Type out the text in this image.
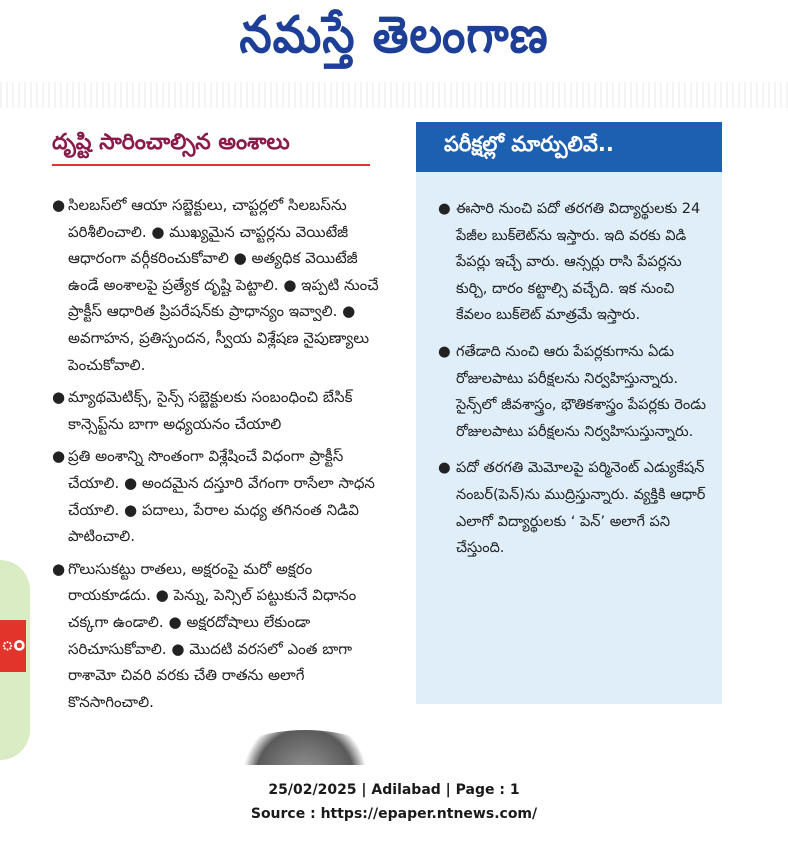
నమస్తే తెలంగాణ
ం
దృష్టి సారించాల్సిన అంశాలు

● సిలబస్‌లో ఆయా సబ్జెక్టులు, చాప్టర్లలో సిలబస్‌ను పరిశీలించాలి. ● ముఖ్యమైన చాప్టర్లను వెయిటేజీ ఆధారంగా వర్గీకరించుకోవాలి ● అత్యధిక వెయిటేజీ ఉండే అంశాలపై ప్రత్యేక దృష్టి పెట్టాలి. ● ఇప్పటి నుంచే ప్రాక్టీస్ ఆధారిత ప్రిపరేషన్‌కు ప్రాధాన్యం ఇవ్వాలి. ● అవగాహన, ప్రతిస్పందన, స్వీయ విశ్లేషణ నైపుణ్యాలు పెంచుకోవాలి.

● మ్యాథమెటిక్స్, సైన్స్ సబ్జెక్టులకు సంబంధించి బేసిక్ కాన్సెప్ట్‌ను బాగా అధ్యయనం చేయాలి

● ప్రతి అంశాన్ని సొంతంగా విశ్లేషించే విధంగా ప్రాక్టీస్ చేయాలి. ● అందమైన దస్తూరి వేగంగా రాసేలా సాధన చేయాలి. ● పదాలు, పేరాల మధ్య తగినంత నిడివి పాటించాలి.

● గొలుసుకట్టు రాతలు, అక్షరంపై మరో అక్షరం రాయకూడదు. ● పెన్ను, పెన్సిల్ పట్టుకునే విధానం చక్కగా ఉండాలి. ● అక్షరదోషాలు లేకుండా సరిచూసుకోవాలి. ● మొదటి వరసలో ఎంత బాగా రాశామో చివరి వరకు చేతి రాతను అలాగే కొనసాగించాలి.

పరీక్షల్లో మార్పులివే..

● ఈసారి నుంచి పదో తరగతి విద్యార్థులకు 24 పేజీల బుక్‌లెట్‌ను ఇస్తారు. ఇది వరకు విడి పేపర్లు ఇచ్చే వారు. ఆన్సర్లు రాసి పేపర్లను కుర్చి, దారం కట్టాల్సి వచ్చేది. ఇక నుంచి కేవలం బుక్‌లెట్ మాత్రమే ఇస్తారు.

● గతేడాది నుంచి ఆరు పేపర్లకుగాను ఏడు రోజులపాటు పరీక్షలను నిర్వహిస్తున్నారు. సైన్స్‌లో జీవశాస్త్రం, భౌతికశాస్త్రం పేపర్లకు రెండు రోజులపాటు పరీక్షలను నిర్వహిసుస్తున్నారు.

● పదో తరగతి మెమోలపై పర్మినెంట్ ఎడ్యుకేషన్ నంబర్(పెన్)ను ముద్రిస్తున్నారు. వ్యక్తికి ఆధార్ ఎలాగో విద్యార్థులకు ‘ పెన్’ అలాగే పని చేస్తుంది.

25/02/2025 | Adilabad | Page : 1
Source : https://epaper.ntnews.com/
